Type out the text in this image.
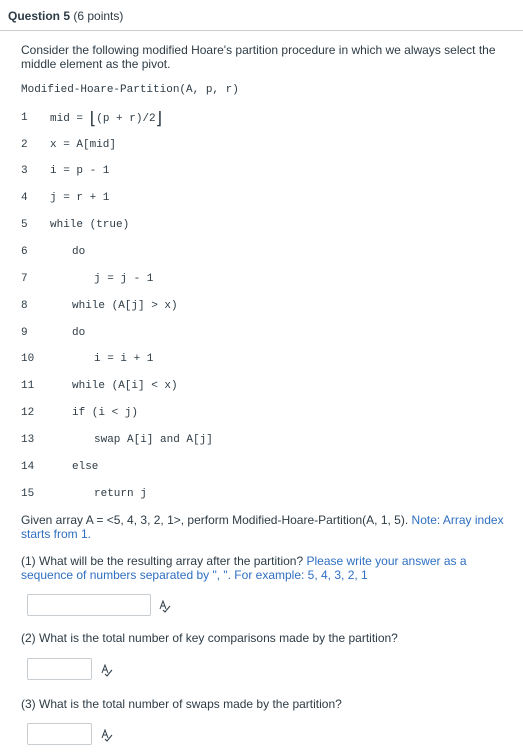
Question 5 (6 points)
Consider the following modified Hoare's partition procedure in which we always select the middle element as the pivot.
Modified-Hoare-Partition(A, p, r)
1 mid = ⌊(p + r)/2⌋
2 x = A[mid]
3 i = p - 1
4 j = r + 1
5 while (true)
6	do
7	j = j - 1
8	while (A[j] > x)
9	do
10	i = i + 1
11	while (A[i] < x)
12	if (i < j)
13	swap A[i] and A[j]
14	else
15	return j
Given array A = <5, 4, 3, 2, 1>, perform Modified-Hoare-Partition(A, 1, 5). Note: Array index starts from 1.
(1) What will be the resulting array after the partition? Please write your answer as a sequence of numbers separated by ", ". For example: 5, 4, 3, 2, 1
(2) What is the total number of key comparisons made by the partition?
(3) What is the total number of swaps made by the partition?
